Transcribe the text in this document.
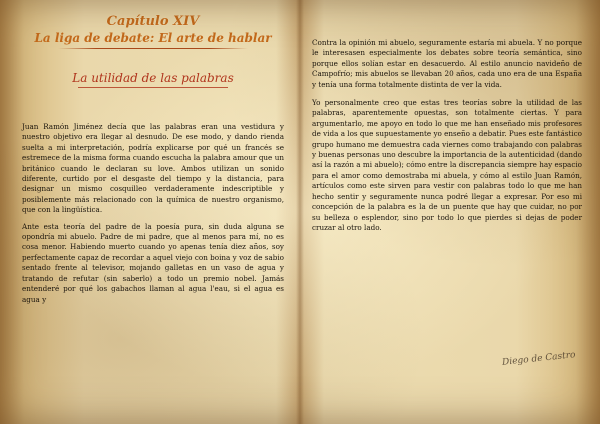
Capítulo XIV
La liga de debate: El arte de hablar
La utilidad de las palabras

Juan Ramón Jiménez decía que las palabras eran una vestidura y nuestro objetivo era llegar al desnudo. De ese modo, y dando rienda suelta a mi interpretación, podría explicarse por qué un francés se estremece de la misma forma cuando escucha la palabra amour que un británico cuando le declaran su love. Ambos utilizan un sonido diferente, curtido por el desgaste del tiempo y la distancia, para designar un mismo cosquilleo verdaderamente indescriptible y posiblemente más relacionado con la química de nuestro organismo, que con la lingüística.

Ante esta teoría del padre de la poesía pura, sin duda alguna se opondría mi abuelo. Padre de mi padre, que al menos para mí, no es cosa menor. Habiendo muerto cuando yo apenas tenía diez años, soy perfectamente capaz de recordar a aquel viejo con boina y voz de sabio sentado frente al televisor, mojando galletas en un vaso de agua y tratando de refutar (sin saberlo) a todo un premio nobel. Jamás entenderé por qué los gabachos llaman al agua l'eau, si el agua es agua y

Contra la opinión mi abuelo, seguramente estaría mi abuela. Y no porque le interesasen especialmente los debates sobre teoría semántica, sino porque ellos solían estar en desacuerdo. Al estilo anuncio navideño de Campofrío; mis abuelos se llevaban 20 años, cada uno era de una España y tenía una forma totalmente distinta de ver la vida.

Yo personalmente creo que estas tres teorías sobre la utilidad de las palabras, aparentemente opuestas, son totalmente ciertas. Y para argumentarlo, me apoyo en todo lo que me han enseñado mis profesores de vida a los que supuestamente yo enseño a debatir. Pues este fantástico grupo humano me demuestra cada viernes como trabajando con palabras y buenas personas uno descubre la importancia de la autenticidad (dando así la razón a mi abuelo); cómo entre la discrepancia siempre hay espacio para el amor como demostraba mi abuela, y cómo al estilo Juan Ramón, artículos como este sirven para vestir con palabras todo lo que me han hecho sentir y seguramente nunca podré llegar a expresar. Por eso mi concepción de la palabra es la de un puente que hay que cuidar, no por su belleza o esplendor, sino por todo lo que pierdes si dejas de poder cruzar al otro lado.

Diego de Castro
